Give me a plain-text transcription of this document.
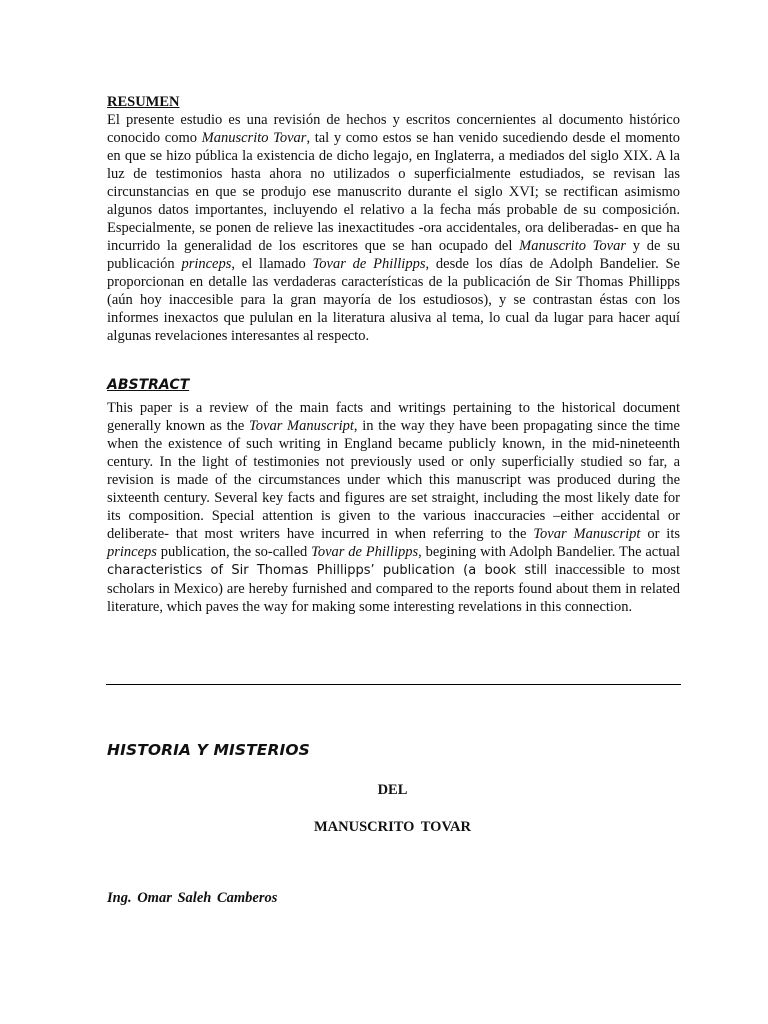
RESUMEN

El presente estudio es una revisión de hechos y escritos concernientes al documento histórico conocido como Manuscrito Tovar, tal y como estos se han venido sucediendo desde el momento en que se hizo pública la existencia de dicho legajo, en Inglaterra, a mediados del siglo XIX. A la luz de testimonios hasta ahora no utilizados o superficialmente estudiados, se revisan las circunstancias en que se produjo ese manuscrito durante el siglo XVI; se rectifican asimismo algunos datos importantes, incluyendo el relativo a la fecha más probable de su composición. Especialmente, se ponen de relieve las inexactitudes -ora accidentales, ora deliberadas- en que ha incurrido la generalidad de los escritores que se han ocupado del Manuscrito Tovar y de su publicación princeps, el llamado Tovar de Phillipps, desde los días de Adolph Bandelier. Se proporcionan en detalle las verdaderas características de la publicación de Sir Thomas Phillipps (aún hoy inaccesible para la gran mayoría de los estudiosos), y se contrastan éstas con los informes inexactos que pululan en la literatura alusiva al tema, lo cual da lugar para hacer aquí algunas revelaciones interesantes al respecto.

ABSTRACT

This paper is a review of the main facts and writings pertaining to the historical document generally known as the Tovar Manuscript, in the way they have been propagating since the time when the existence of such writing in England became publicly known, in the mid-nineteenth century. In the light of testimonies not previously used or only superficially studied so far, a revision is made of the circumstances under which this manuscript was produced during the sixteenth century. Several key facts and figures are set straight, including the most likely date for its composition. Special attention is given to the various inaccuracies –either accidental or deliberate- that most writers have incurred in when referring to the Tovar Manuscript or its princeps publication, the so-called Tovar de Phillipps, begining with Adolph Bandelier. The actual characteristics of Sir Thomas Phillipps’ publication (a book still inaccessible to most scholars in Mexico) are hereby furnished and compared to the reports found about them in related literature, which paves the way for making some interesting revelations in this connection.

HISTORIA Y MISTERIOS
DEL
MANUSCRITO TOVAR
Ing. Omar Saleh Camberos
